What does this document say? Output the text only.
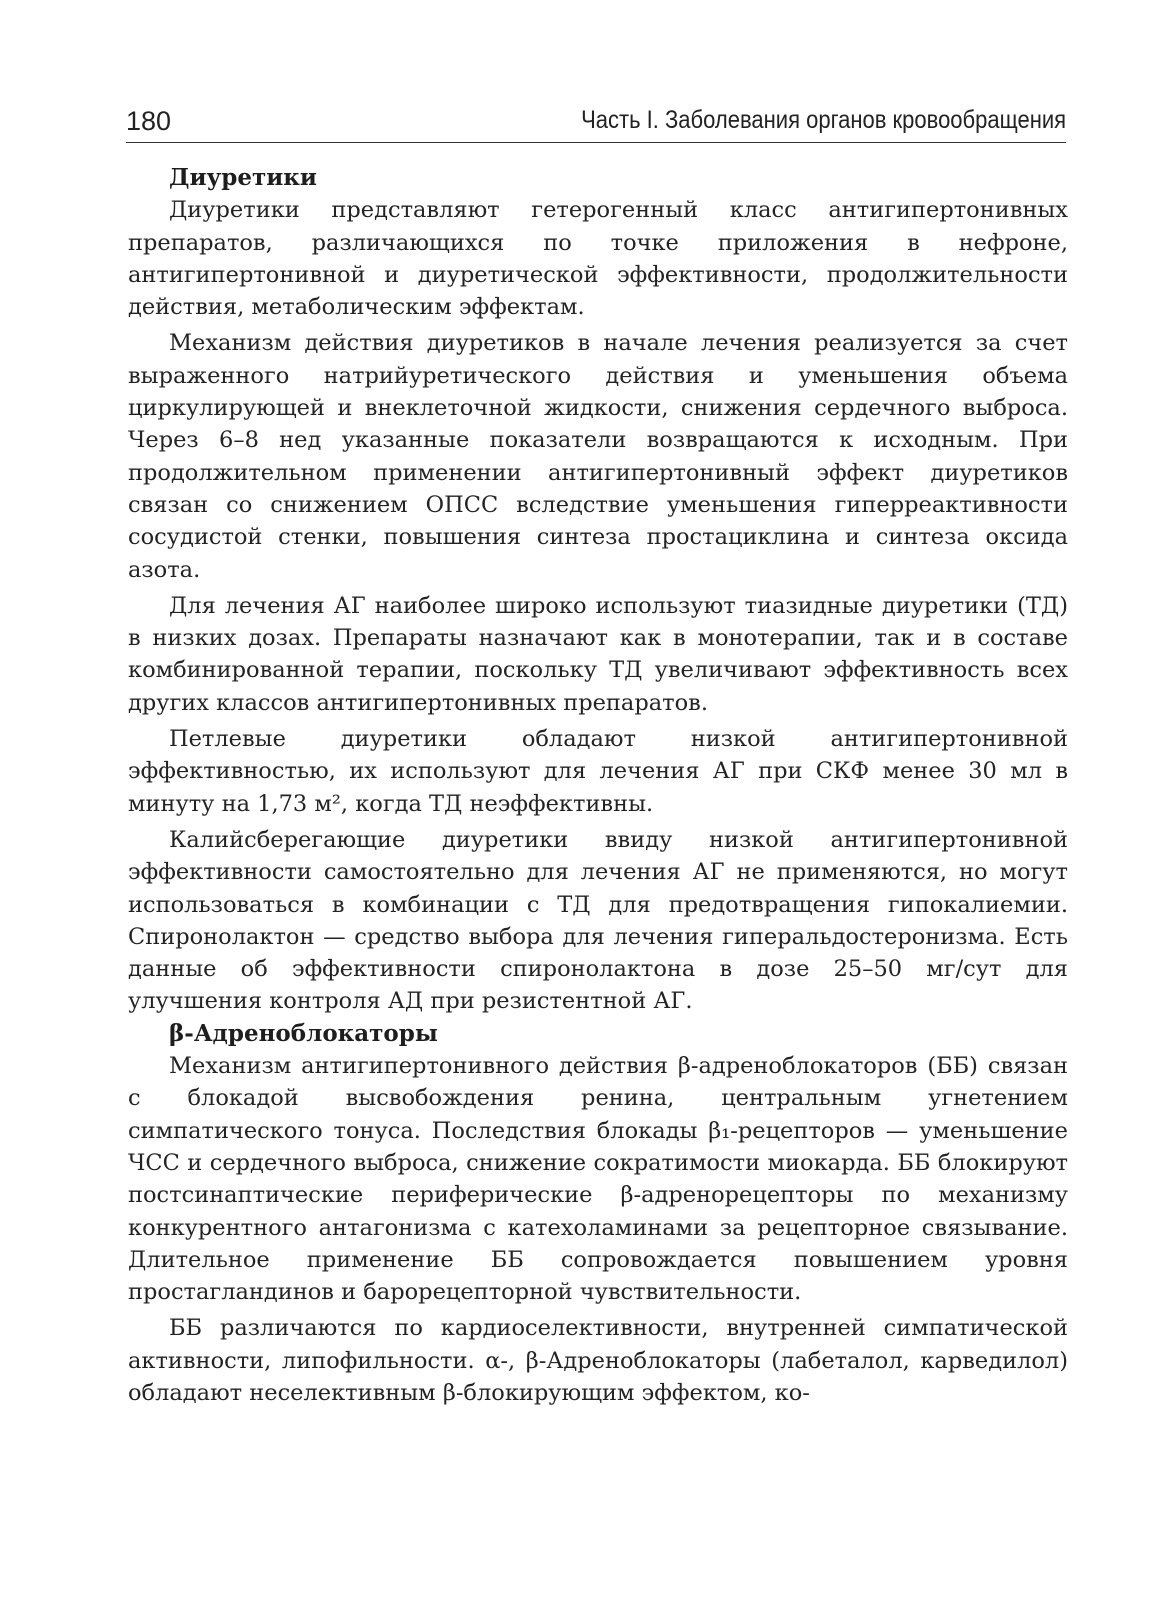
180	Часть I. Заболевания органов кровообращения
Диуретики

Диуретики представляют гетерогенный класс антигипертонивных препаратов, различающихся по точке приложения в нефроне, антигипертонивной и диуретической эффективности, продолжительности действия, метаболическим эффектам.

Механизм действия диуретиков в начале лечения реализуется за счет выраженного натрийуретического действия и уменьшения объема циркулирующей и внеклеточной жидкости, снижения сердечного выброса. Через 6–8 нед указанные показатели возвращаются к исходным. При продолжительном применении антигипертонивный эффект диуретиков связан со снижением ОПСС вследствие уменьшения гиперреактивности сосудистой стенки, повышения синтеза простациклина и синтеза оксида азота.

Для лечения АГ наиболее широко используют тиазидные диуретики (ТД) в низких дозах. Препараты назначают как в монотерапии, так и в составе комбинированной терапии, поскольку ТД увеличивают эффективность всех других классов антигипертонивных препаратов.

Петлевые диуретики обладают низкой антигипертонивной эффективностью, их используют для лечения АГ при СКФ менее 30 мл в минуту на 1,73 м², когда ТД неэффективны.

Калийсберегающие диуретики ввиду низкой антигипертонивной эффективности самостоятельно для лечения АГ не применяются, но могут использоваться в комбинации с ТД для предотвращения гипокалиемии. Спиронолактон — средство выбора для лечения гиперальдостеронизма. Есть данные об эффективности спиронолактона в дозе 25–50 мг/сут для улучшения контроля АД при резистентной АГ.

β-Адреноблокаторы

Механизм антигипертонивного действия β-адреноблокаторов (ББ) связан с блокадой высвобождения ренина, центральным угнетением симпатического тонуса. Последствия блокады β₁-рецепторов — уменьшение ЧСС и сердечного выброса, снижение сократимости миокарда. ББ блокируют постсинаптические периферические β-адренорецепторы по механизму конкурентного антагонизма с катехоламинами за рецепторное связывание. Длительное применение ББ сопровождается повышением уровня простагландинов и барорецепторной чувствительности.

ББ различаются по кардиоселективности, внутренней симпатической активности, липофильности. α-, β-Адреноблокаторы (лабеталол, карведилол) обладают неселективным β-блокирующим эффектом, ко-
